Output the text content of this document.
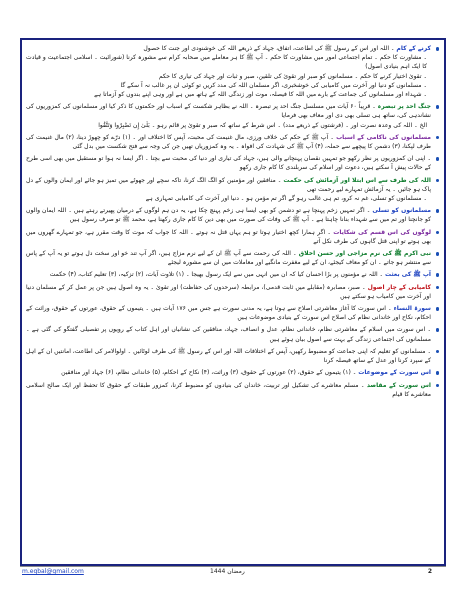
کرنے کے کام ۔ اللہ اور اس کے رسول ﷺ کی اطاعت، اتفاق، جہاد کے ذریعے اللہ کی خوشنودی اور جنت کا حصول
۔ مشاورت کا حکم ۔ تمام اجتماعی امور میں مشاورت کا حکم ۔ آپ ﷺ کا ہر معاملے میں صحابہ کرام سے مشورہ کرنا (شورائیت ۔ اسلامی اجتماعیت و قیادت کا ایک اہم بنیادی اصول)
۔ تقویٰ اختیار کرنے کا حکم ۔ مسلمانوں کو صبر اور تقویٰ کی تلقین، صبر و ثبات اور جہاد کی تیاری کا حکم
۔ مسلمانوں کو دنیا اور آخرت میں کامیابی کی خوشخبری، اگر مسلمان اللہ کی مدد کریں تو کوئی ان پر غالب نہ آ سکے گا
۔ شہداء اور مسلمانوں کی جماعت کے بارے میں اللہ کا فیصلہ، موت اور زندگی اللہ کے ہاتھ میں ہے اور وہی اپنے بندوں کو آزماتا ہے
جنگ احد پر تبصرہ ۔ قریباً ۶۰ آیات میں مسلسل جنگ احد پر تبصرہ ۔ اللہ نے بظاہر شکست کے اسباب اور حکمتوں کا ذکر کیا اور مسلمانوں کی کمزوریوں کی نشاندہی کی، ساتھ ہی تسلی بھی دی اور معاف بھی فرمایا
الخ ۔ اللہ کی وعدہ نصرت اور ۔ (فرشتوں کے ذریعے مدد) ۔ اس شرط کے ساتھ کہ صبر و تقویٰ پر قائم رہو ۔ بَلَىٰ إِن تَصْبِرُوا وَتَتَّقُوا
مسلمانوں کی ناکامی کے اسباب ۔ آپ ﷺ کے حکم کی خلاف ورزی، مال غنیمت کی محبت، آپس کا اختلاف اور ۔ (۱) درّے کو چھوڑ دینا، (۲) مال غنیمت کی طرف لپکنا، (۳) دشمن کا پیچھے سے حملہ، (۴) آپ ﷺ کی شہادت کی افواہ ۔ یہ وہ کمزوریاں تھیں جن کی وجہ سے فتح شکست میں بدل گئی
۔ اپنی ان کمزوریوں پر نظر رکھو جو تمہیں نقصان پہنچانے والی ہیں، جہاد کی تیاری اور دنیا کی محبت سے بچنا ۔ اگر ایسا نہ ہوا تو مستقبل میں بھی اسی طرح کے حالات پیش آ سکتے ہیں، دعوت اور اسلام کی سربلندی کا کام جاری رکھو
اللہ کی طرف سے اس ابتلا اور آزمائش کی حکمت ۔ منافقین اور مؤمنین کو الگ الگ کرنا، تاکہ سچے اور جھوٹے میں تمیز ہو جائے اور ایمان والوں کے دل پاک ہو جائیں ۔ یہ آزمائش تمہارے لیے رحمت تھی
۔ مسلمانوں کو تسلی، غم نہ کرو، تم ہی غالب رہو گے اگر تم مؤمن ہو ۔ دنیا اور آخرت کی کامیابی تمہاری ہے
مسلمانوں کو تسلی ۔ اگر تمہیں زخم پہنچا ہے تو دشمن کو بھی ایسا ہی زخم پہنچ چکا ہے، یہ دن ہم لوگوں کے درمیان پھیرتے رہتے ہیں ۔ اللہ ایمان والوں کو جانچنا اور تم میں سے شہداء بنانا چاہتا ہے ۔ آپ ﷺ کی وفات کی صورت میں بھی دین کا کام جاری رکھنا ہے، محمد ﷺ تو صرف رسول ہیں
لوگوں کی اس قسم کی شکایات ۔ اگر ہمارا کچھ اختیار ہوتا تو ہم یہاں قتل نہ ہوتے ۔ اللہ کا جواب کہ موت کا وقت مقرر ہے، جو تمہارے گھروں میں بھی ہوتے تو اپنی قتل گاہوں کی طرف نکل آتے
نبی اکرم ﷺ کی نرم مزاجی اور حسن اخلاق ۔ اللہ کی رحمت سے آپ ﷺ ان کے لیے نرم مزاج ہیں، اگر آپ تند خو اور سخت دل ہوتے تو یہ آپ کے پاس سے منتشر ہو جاتے ۔ ان کو معاف کیجئے، ان کے لیے مغفرت مانگیے اور معاملات میں ان سے مشورہ لیجئے
آپ ﷺ کی بعثت ۔ اللہ نے مؤمنوں پر بڑا احسان کیا کہ ان میں انہی میں سے ایک رسول بھیجا ۔ (۱) تلاوت آیات، (۲) تزکیہ، (۳) تعلیم کتاب، (۴) حکمت
کامیابی کے چار اصول ۔ صبر، مصابرہ (مقابلے میں ثابت قدمی)، مرابطہ (سرحدوں کی حفاظت) اور تقویٰ ۔ یہ وہ اصول ہیں جن پر عمل کر کے مسلمان دنیا اور آخرت میں کامیاب ہو سکتے ہیں
سورۃ النساء ۔ اس سورت کا آغاز معاشرتی اصلاح سے ہوتا ہے، یہ مدنی سورت ہے جس میں ۱۷۶ آیات ہیں ۔ یتیموں کے حقوق، عورتوں کے حقوق، وراثت کے احکام، نکاح اور خاندانی نظام کی اصلاح اس سورت کے بنیادی موضوعات ہیں
۔ اس سورت میں اسلام کے معاشرتی نظام، خاندانی نظام، عدل و انصاف، جہاد، منافقین کی نشانیاں اور اہل کتاب کے رویوں پر تفصیلی گفتگو کی گئی ہے ۔ مسلمانوں کی اجتماعی زندگی کے بہت سے اصول بیان ہوئے ہیں
۔ مسلمانوں کو تعلیم کہ اپنی جماعت کو مضبوط رکھیں، آپس کے اختلافات اللہ اور اس کے رسول ﷺ کی طرف لوٹائیں ۔ اولوالامر کی اطاعت، امانتیں ان کے اہل کے سپرد کرنا اور عدل کے ساتھ فیصلہ کرنا
اس سورت کے موضوعات ۔ (۱) یتیموں کے حقوق، (۲) عورتوں کے حقوق، (۳) وراثت، (۴) نکاح کے احکام، (۵) خاندانی نظام، (۶) جہاد اور منافقین
اس سورت کے مقاصد ۔ مسلم معاشرے کی تشکیل اور تربیت، خاندان کی بنیادوں کو مضبوط کرنا، کمزور طبقات کے حقوق کا تحفظ اور ایک صالح اسلامی معاشرے کا قیام
m.eqbal@gmail.com	رمضان 1444	2
